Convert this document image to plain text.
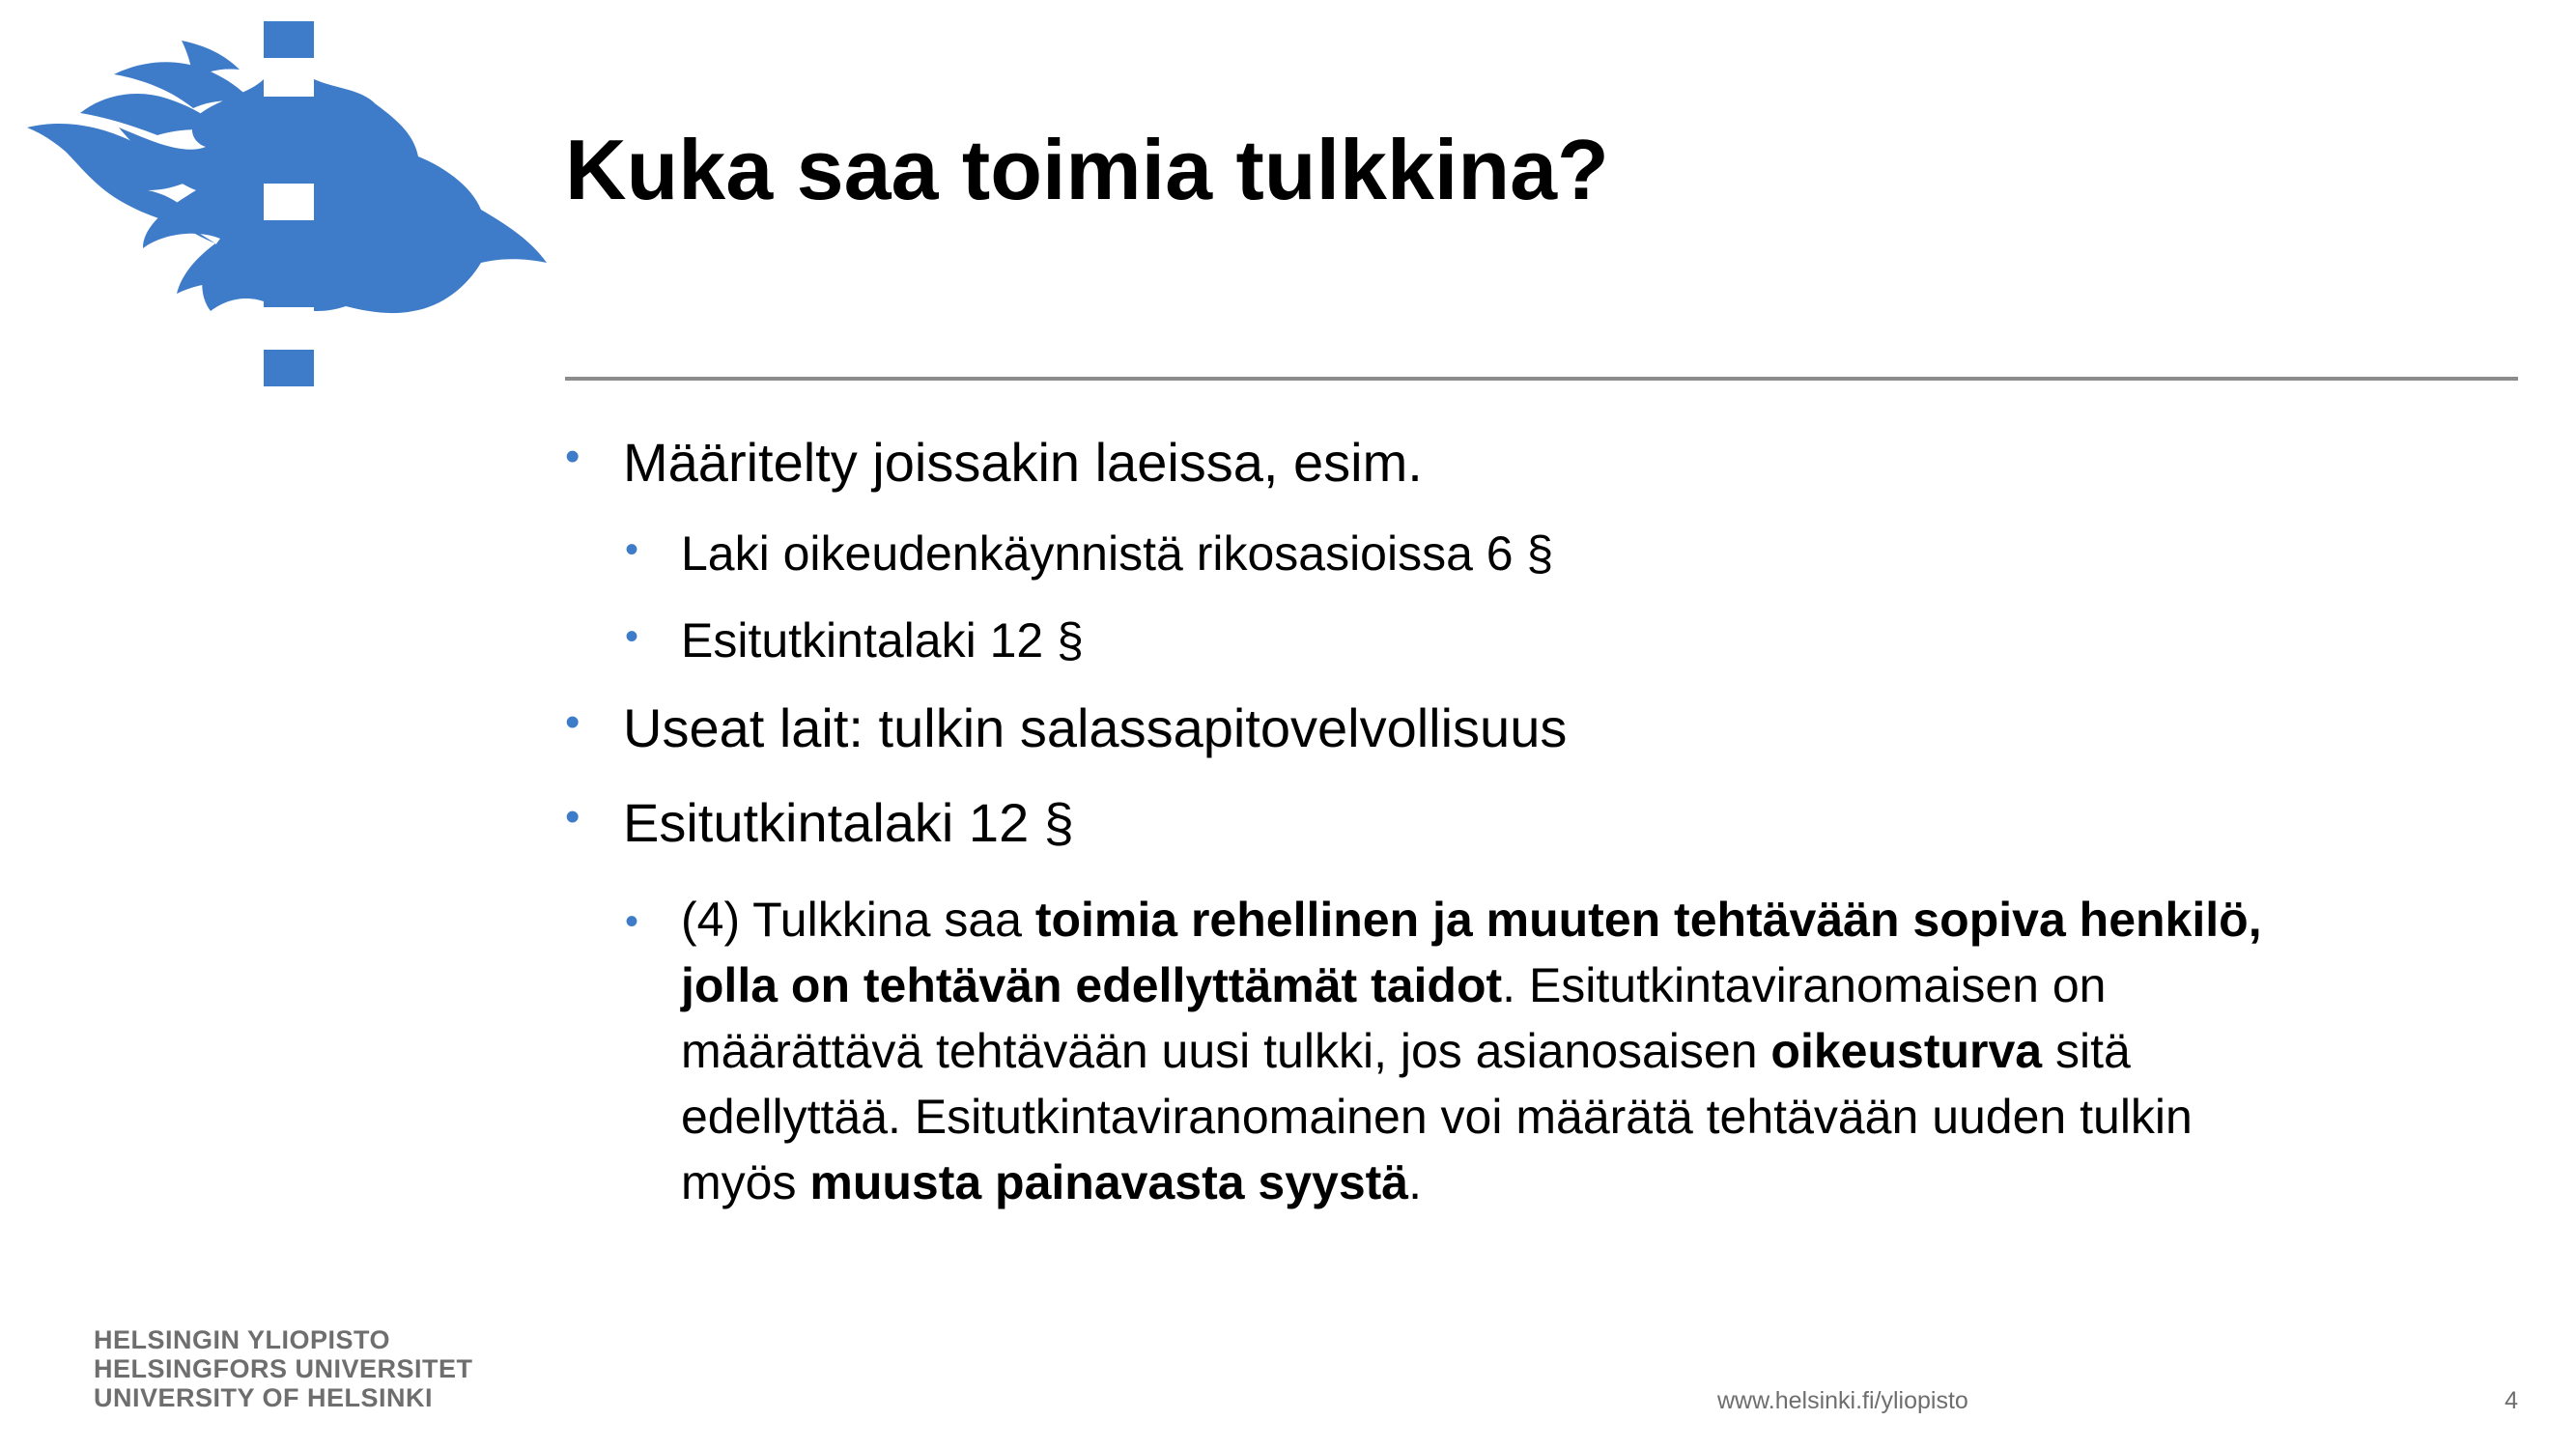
Kuka saa toimia tulkkina?
• Määritelty joissakin laeissa, esim.
• Laki oikeudenkäynnistä rikosasioissa 6 §
• Esitutkintalaki 12 §
• Useat lait: tulkin salassapitovelvollisuus
• Esitutkintalaki 12 §
• (4) Tulkkina saa toimia rehellinen ja muuten tehtävään sopiva henkilö,
jolla on tehtävän edellyttämät taidot. Esitutkintaviranomaisen on
määrättävä tehtävään uusi tulkki, jos asianosaisen oikeusturva sitä
edellyttää. Esitutkintaviranomainen voi määrätä tehtävään uuden tulkin
myös muusta painavasta syystä.
HELSINGIN YLIOPISTO
HELSINGFORS UNIVERSITET
UNIVERSITY OF HELSINKI	www.helsinki.fi/yliopisto	4
